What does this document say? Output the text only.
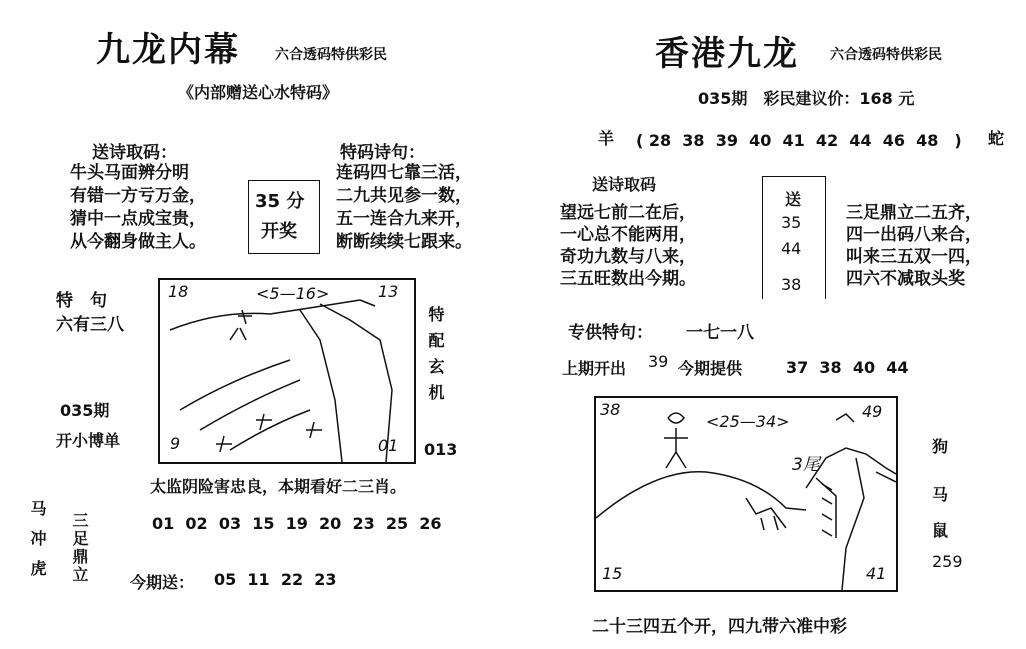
九龙内幕	六合透码特供彩民
《内部赠送心水特码》
送诗取码：
牛头马面辨分明
有错一方亏万金，
猜中一点成宝贵，
从今翻身做主人。
35 分
开奖
特码诗句：
连码四七靠三活，
二九共见参一数，
五一连合九来开，
断断续续七跟来。
特　句
六有三八
035期
开小博单
18	<5—16>	13
9	01
特配玄机
013
太监阴险害忠良，本期看好二三肖。
马冲虎 三足鼎立	01  02  03  15  19  20  23  25  26
今期送： 05  11  22  23
香港九龙 六合透码特供彩民
035期　彩民建议价：168 元
羊 ( 28  38  39  40  41  42  44  46  48　) 蛇
送诗取码
望远七前二在后，
一心总不能两用，
奇功九数与八来，
三五旺数出今期。
送
35
44
38
三足鼎立二五齐，
四一出码八来合，
叫来三五双一四，
四六不减取头奖
专供特句： 一七一八
上期开出 39 今期提供	37  38  40  44
38
<25—34>
49
3尾
15	41
狗
马
鼠
259
二十三四五个开，四九带六准中彩
